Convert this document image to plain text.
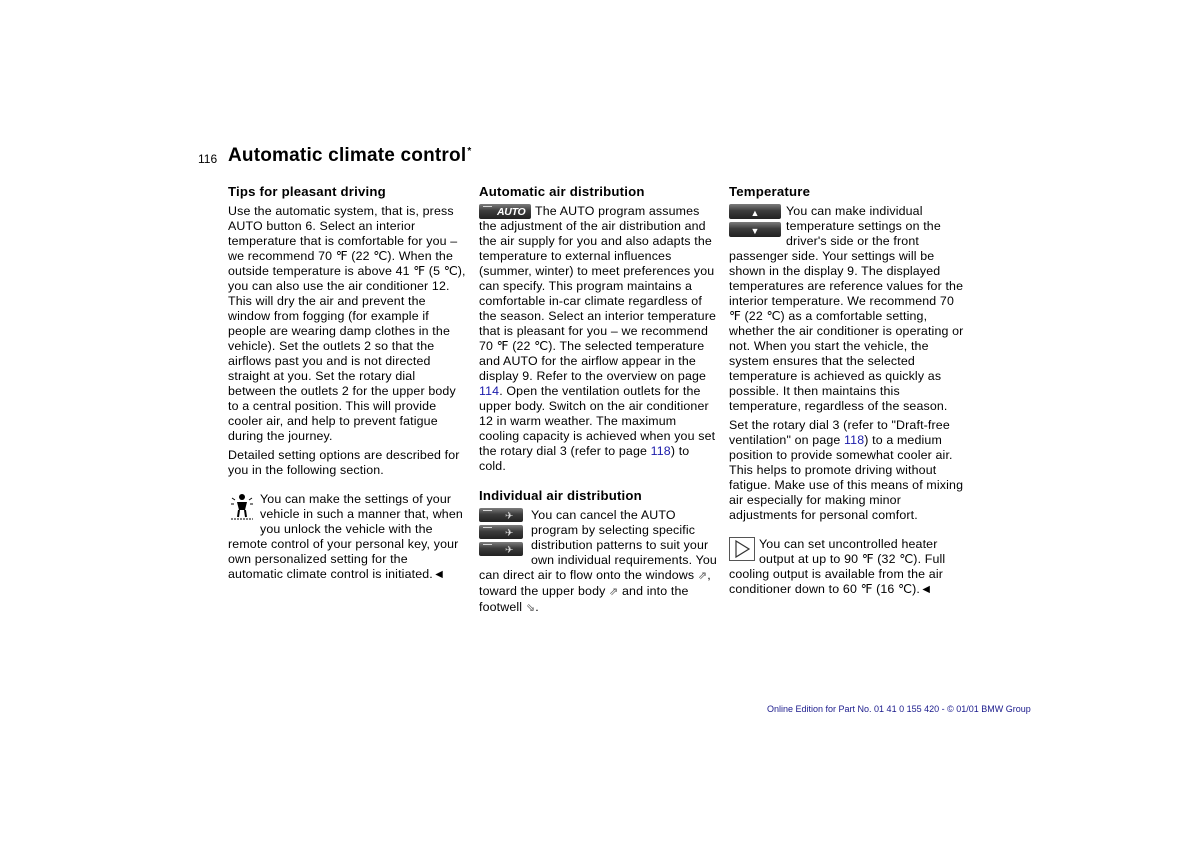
116 Automatic climate control*
Tips for pleasant driving

Use the automatic system, that is, press AUTO button 6. Select an interior temperature that is comfortable for you – we recommend 70 ℉ (22 ℃). When the outside temperature is above 41 ℉ (5 ℃), you can also use the air conditioner 12. This will dry the air and prevent the window from fogging (for example if people are wearing damp clothes in the vehicle). Set the outlets 2 so that the airflows past you and is not directed straight at you. Set the rotary dial between the outlets 2 for the upper body to a central position. This will provide cooler air, and help to prevent fatigue during the journey.

Detailed setting options are described for you in the following section.

You can make the settings of your vehicle in such a manner that, when you unlock the vehicle with the remote control of your personal key, your own personalized setting for the automatic climate control is initiated.◄
Automatic air distribution

AUTO The AUTO program assumes the adjustment of the air distribution and the air supply for you and also adapts the temperature to external influences (summer, winter) to meet preferences you can specify. This program maintains a comfortable in-car climate regardless of the season. Select an interior temperature that is pleasant for you – we recommend 70 ℉ (22 ℃). The selected temperature and AUTO for the airflow appear in the display 9. Refer to the overview on page 114. Open the ventilation outlets for the upper body. Switch on the air conditioner 12 in warm weather. The maximum cooling capacity is achieved when you set the rotary dial 3 (refer to page 118) to cold.

Individual air distribution

✈
✈
✈
You can cancel the AUTO program by selecting specific distribution patterns to suit your own individual requirements. You can direct air to flow onto the windows ⇗, toward the upper body ⇗ and into the footwell ⇘.

Temperature

▲
▼
You can make individual temperature settings on the driver's side or the front passenger side. Your settings will be shown in the display 9. The displayed temperatures are reference values for the interior temperature. We recommend 70 ℉ (22 ℃) as a comfortable setting, whether the air conditioner is operating or not. When you start the vehicle, the system ensures that the selected temperature is achieved as quickly as possible. It then maintains this temperature, regardless of the season.

Set the rotary dial 3 (refer to "Draft-free ventilation" on page 118) to a medium position to provide somewhat cooler air. This helps to promote driving without fatigue. Make use of this means of mixing air especially for making minor adjustments for personal comfort.

You can set uncontrolled heater output at up to 90 ℉ (32 ℃). Full cooling output is available from the air conditioner down to 60 ℉ (16 ℃).◄

Online Edition for Part No. 01 41 0 155 420 - © 01/01 BMW Group
